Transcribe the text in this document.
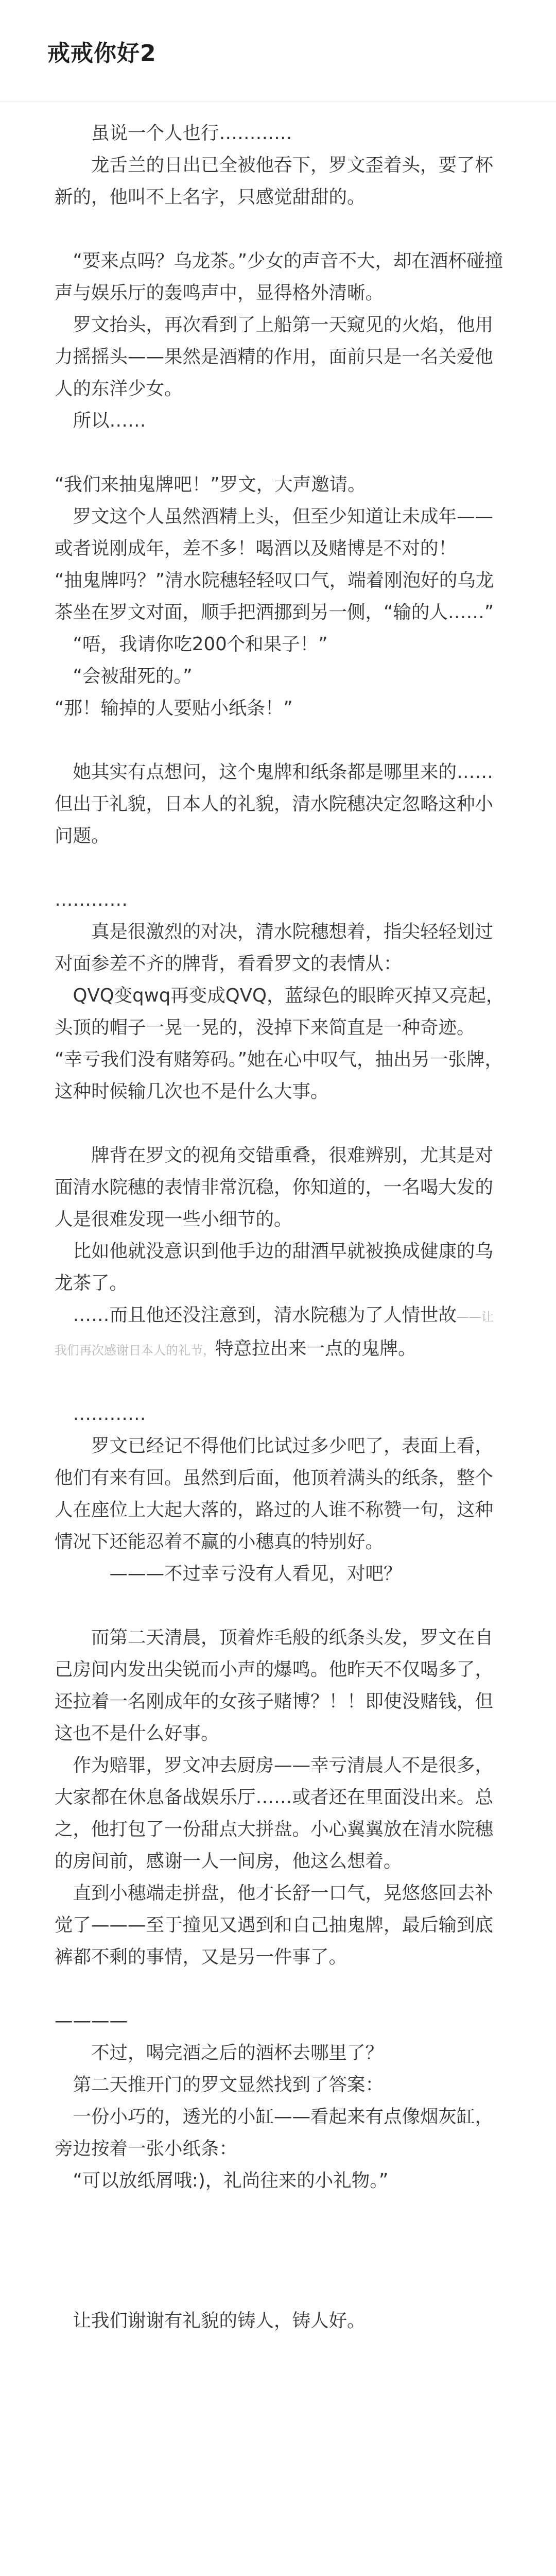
戒戒你好2
　　虽说一个人也行…………
　　龙舌兰的日出已全被他吞下，罗文歪着头，要了杯新的，他叫不上名字，只感觉甜甜的。
　“要来点吗？乌龙茶。”少女的声音不大，却在酒杯碰撞声与娱乐厅的轰鸣声中，显得格外清晰。
　罗文抬头，再次看到了上船第一天窥见的火焰，他用力摇摇头——果然是酒精的作用，面前只是一名关爱他人的东洋少女。
　所以……
“我们来抽鬼牌吧！”罗文，大声邀请。
　罗文这个人虽然酒精上头，但至少知道让未成年——或者说刚成年，差不多！喝酒以及赌博是不对的！
“抽鬼牌吗？”清水院穗轻轻叹口气，端着刚泡好的乌龙茶坐在罗文对面，顺手把酒挪到另一侧，“输的人……”
　“唔，我请你吃200个和果子！”
　“会被甜死的。”
“那！输掉的人要贴小纸条！”
　她其实有点想问，这个鬼牌和纸条都是哪里来的……但出于礼貌，日本人的礼貌，清水院穗决定忽略这种小问题。
…………
　　真是很激烈的对决，清水院穗想着，指尖轻轻划过对面参差不齐的牌背，看看罗文的表情从：
　QVQ变qwq再变成QVQ，蓝绿色的眼眸灭掉又亮起，头顶的帽子一晃一晃的，没掉下来简直是一种奇迹。
“幸亏我们没有赌筹码。”她在心中叹气，抽出另一张牌，这种时候输几次也不是什么大事。
　　牌背在罗文的视角交错重叠，很难辨别，尤其是对面清水院穗的表情非常沉稳，你知道的，一名喝大发的人是很难发现一些小细节的。
　比如他就没意识到他手边的甜酒早就被换成健康的乌龙茶了。
　……而且他还没注意到，清水院穗为了人情世故——让我们再次感谢日本人的礼节，特意拉出来一点的鬼牌。
　…………
　　罗文已经记不得他们比试过多少吧了，表面上看，他们有来有回。虽然到后面，他顶着满头的纸条，整个人在座位上大起大落的，路过的人谁不称赞一句，这种情况下还能忍着不赢的小穗真的特别好。
　　　———不过幸亏没有人看见，对吧？
　　而第二天清晨，顶着炸毛般的纸条头发，罗文在自己房间内发出尖锐而小声的爆鸣。他昨天不仅喝多了，还拉着一名刚成年的女孩子赌博？！！即使没赌钱，但这也不是什么好事。
　作为赔罪，罗文冲去厨房——幸亏清晨人不是很多，大家都在休息备战娱乐厅……或者还在里面没出来。总之，他打包了一份甜点大拼盘。小心翼翼放在清水院穗的房间前，感谢一人一间房，他这么想着。
　直到小穗端走拼盘，他才长舒一口气，晃悠悠回去补觉了———至于撞见又遇到和自己抽鬼牌，最后输到底裤都不剩的事情，又是另一件事了。
————
　　不过，喝完酒之后的酒杯去哪里了？
　第二天推开门的罗文显然找到了答案：
　一份小巧的，透光的小缸——看起来有点像烟灰缸，旁边按着一张小纸条：
　“可以放纸屑哦:)，礼尚往来的小礼物。”
　让我们谢谢有礼貌的铸人，铸人好。
